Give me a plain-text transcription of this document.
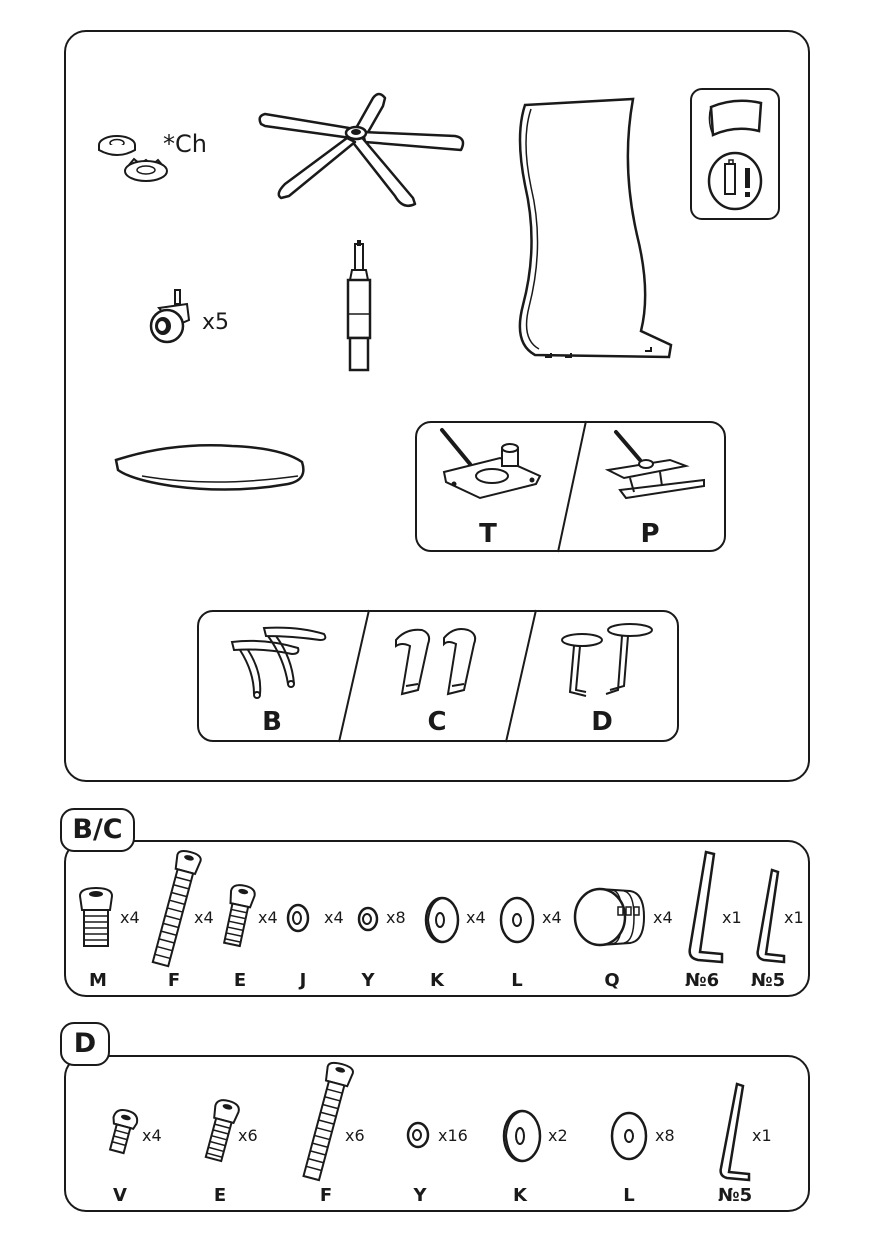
*Ch
x5
T	P
B	C	D
B/C
x4	x4	x4	x4	x8	x4	x4	x4	x1	x1
M	F	E	J	Y	K	L	Q	№6	№5
D
x4	x6	x6	x16	x2	x8	x1
V	E	F	Y	K	L	№5
